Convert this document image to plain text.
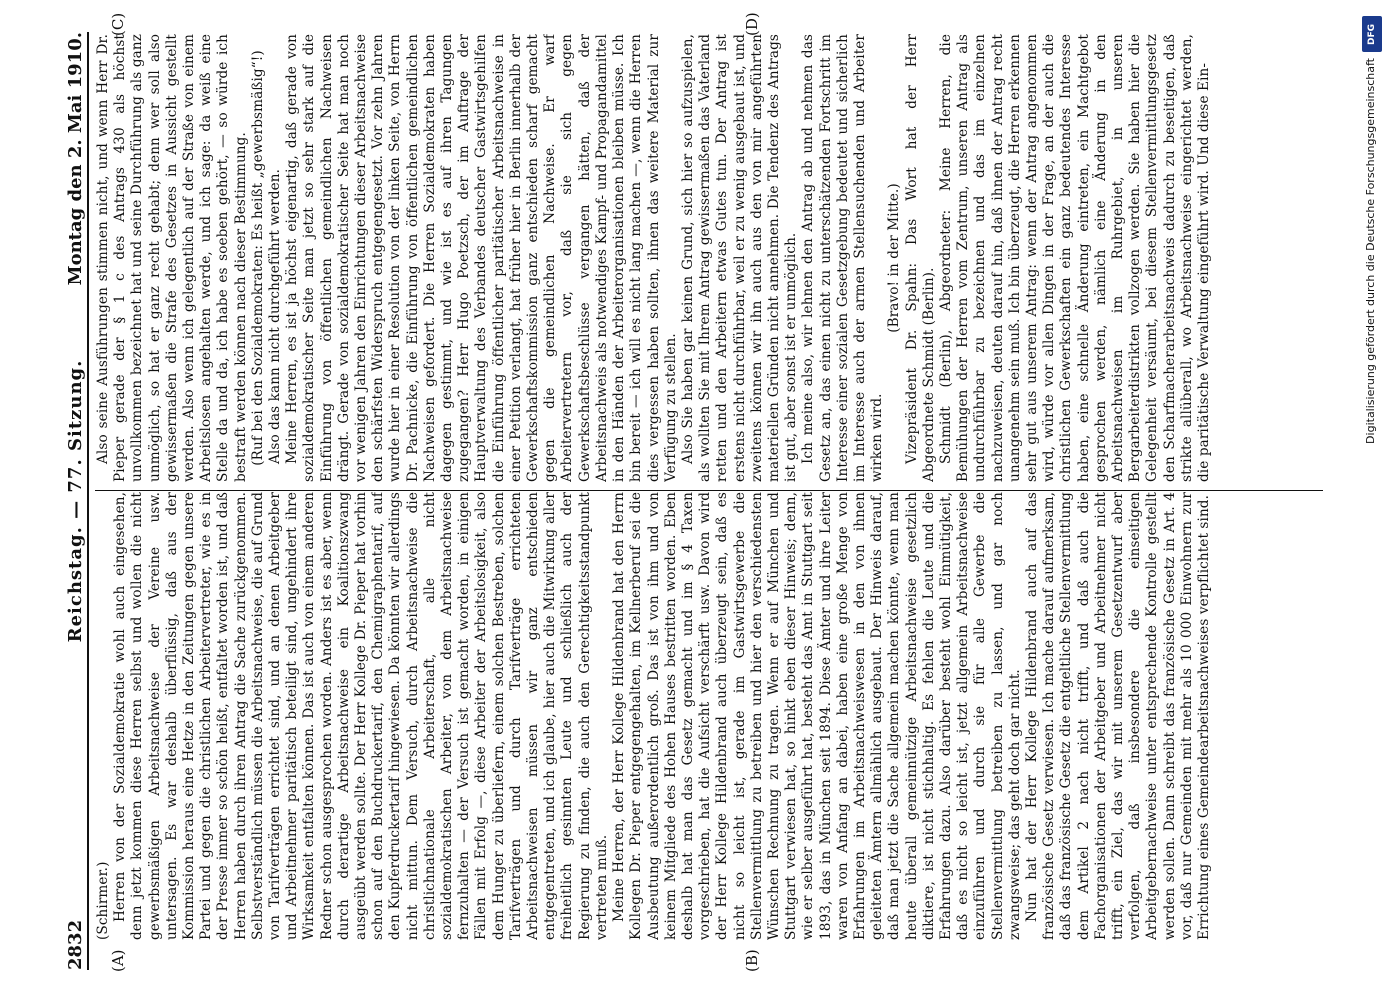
2832
Reichstag. — 77. Sitzung.
Montag den 2. Mai 1910.
(A)	(B)
(C)	(D)

(Schirmer.) Herren von der Sozialdemokratie wohl auch eingesehen, denn jetzt kommen diese Herren selbst und wollen die nicht gewerbsmäßigen Arbeitsnachweise der Vereine usw. untersagen. Es war deshalb überflüssig, daß aus der Kommission heraus eine Hetze in den Zeitungen gegen unsere Partei und gegen die christlichen Arbeitervertreter, wie es in der Presse immer so schön heißt, entfaltet worden ist, und daß Herren haben durch ihren Antrag die Sache zurückgenommen. Selbstverständlich müssen die Arbeitsnachweise, die auf Grund von Tarifverträgen errichtet sind, und an denen Arbeitgeber und Arbeitnehmer paritätisch beteiligt sind, ungehindert ihre Wirksamkeit entfalten können. Das ist auch von einem anderen Redner schon ausgesprochen worden. Anders ist es aber, wenn durch derartige Arbeitsnachweise ein Koalitionszwang ausgeübt werden sollte. Der Herr Kollege Dr. Pieper hat vorhin schon auf den Buchdruckertarif, den Chemigraphentarif, auf den Kupferdruckertarif hingewiesen. Da könnten wir allerdings nicht mittun. Dem Versuch, durch Arbeitsnachweise die christlichnationale Arbeiterschaft, alle nicht sozialdemokratischen Arbeiter, von dem Arbeitsnachweise fernzuhalten — der Versuch ist gemacht worden, in einigen Fällen mit Erfolg —, diese Arbeiter der Arbeitslosigkeit, also dem Hunger zu überliefern, einem solchen Bestreben, solchen Tarifverträgen und durch Tarifverträge errichteten Arbeitsnachweisen müssen wir ganz entschieden entgegentreten, und ich glaube, hier auch die Mitwirkung aller freiheitlich gesinnten Leute und schließlich auch der Regierung zu finden, die auch den Gerechtigkeitsstandpunkt vertreten muß. Meine Herren, der Herr Kollege Hildenbrand hat den Herrn Kollegen Dr. Pieper entgegengehalten, im Kellnerberuf sei die Ausbeutung außerordentlich groß. Das ist von ihm und von keinem Mitgliede des Hohen Hauses bestritten worden. Eben deshalb hat man das Gesetz gemacht und im § 4 Taxen vorgeschrieben, hat die Aufsicht verschärft usw. Davon wird der Herr Kollege Hildenbrand auch überzeugt sein, daß es nicht so leicht ist, gerade im Gastwirtsgewerbe die Stellenvermittlung zu betreiben und hier den verschiedensten Wünschen Rechnung zu tragen. Wenn er auf München und Stuttgart verwiesen hat, so hinkt eben dieser Hinweis; denn, wie er selber ausgeführt hat, besteht das Amt in Stuttgart seit 1893, das in München seit 1894. Diese Ämter und ihre Leiter waren von Anfang an dabei, haben eine große Menge von Erfahrungen im Arbeitsnachweiswesen in den von ihnen geleiteten Ämtern allmählich ausgebaut. Der Hinweis darauf, daß man jetzt die Sache allgemein machen könnte, wenn man heute überall gemeinnützige Arbeitsnachweise gesetzlich diktiere, ist nicht stichhaltig. Es fehlen die Leute und die Erfahrungen dazu. Also darüber besteht wohl Einmütigkeit, daß es nicht so leicht ist, jetzt allgemein Arbeitsnachweise einzuführen und durch sie für alle Gewerbe die Stellenvermittlung betreiben zu lassen, und gar noch zwangsweise; das geht doch gar nicht. Nun hat der Herr Kollege Hildenbrand auch auf das französische Gesetz verwiesen. Ich mache darauf aufmerksam, daß das französische Gesetz die entgeltliche Stellenvermittlung dem Artikel 2 nach nicht trifft, und daß auch die Fachorganisationen der Arbeitgeber und Arbeitnehmer nicht trifft, ein Ziel, das wir mit unserem Gesetzentwurf aber verfolgen, daß insbesondere die einseitigen Arbeitgebernachweise unter entsprechende Kontrolle gestellt werden sollen. Dann schreibt das französische Gesetz in Art. 4 vor, daß nur Gemeinden mit mehr als 10 000 Einwohnern zur Errichtung eines Gemeindearbeitsnachweises verpflichtet sind.

Also seine Ausführungen stimmen nicht, und wenn Herr Dr. Pieper gerade der § 1 c des Antrags 430 als höchst unvollkommen bezeichnet hat und seine Durchführung als ganz unmöglich, so hat er ganz recht gehabt; denn wer soll also gewissermaßen die Strafe des Gesetzes in Aussicht gestellt werden. Also wenn ich gelegentlich auf der Straße von einem Arbeitslosen angehalten werde, und ich sage: da weiß eine Stelle da und da, ich habe es soeben gehört, — so würde ich bestraft werden können nach dieser Bestimmung. (Ruf bei den Sozialdemokraten: Es heißt „gewerbsmäßig“!) Also das kann nicht durchgeführt werden. Meine Herren, es ist ja höchst eigenartig, daß gerade von sozialdemokratischer Seite man jetzt so sehr stark auf die Einführung von öffentlichen gemeindlichen Nachweisen drängt. Gerade von sozialdemokratischer Seite hat man noch vor wenigen Jahren den Einrichtungen dieser Arbeitsnachweise den schärfsten Widerspruch entgegengesetzt. Vor zehn Jahren wurde hier in einer Resolution von der linken Seite, von Herrn Dr. Pachnicke, die Einführung von öffentlichen gemeindlichen Nachweisen gefordert. Die Herren Sozialdemokraten haben dagegen gestimmt, und wie ist es auf ihren Tagungen zugegangen? Herr Hugo Poetzsch, der im Auftrage der Hauptverwaltung des Verbandes deutscher Gastwirtsgehilfen die Einführung öffentlicher paritätischer Arbeitsnachweise in einer Petition verlangt, hat früher hier in Berlin innerhalb der Gewerkschaftskommission ganz entschieden scharf gemacht gegen die gemeindlichen Nachweise. Er warf Arbeitervertretern vor, daß sie sich gegen Gewerkschaftsbeschlüsse vergangen hätten, daß der Arbeitsnachweis als notwendiges Kampf- und Propagandamittel in den Händen der Arbeiterorganisationen bleiben müsse. Ich bin bereit — ich will es nicht lang machen —, wenn die Herren dies vergessen haben sollten, ihnen das weitere Material zur Verfügung zu stellen. Also Sie haben gar keinen Grund, sich hier so aufzuspielen, als wollten Sie mit Ihrem Antrag gewissermaßen das Vaterland retten und den Arbeitern etwas Gutes tun. Der Antrag ist erstens nicht durchführbar, weil er zu wenig ausgebaut ist, und zweitens können wir ihn auch aus den von mir angeführten materiellen Gründen nicht annehmen. Die Tendenz des Antrags ist gut, aber sonst ist er unmöglich. Ich meine also, wir lehnen den Antrag ab und nehmen das Gesetz an, das einen nicht zu unterschätzenden Fortschritt im Interesse einer sozialen Gesetzgebung bedeutet und sicherlich im Interesse auch der armen Stellensuchenden und Arbeiter wirken wird.

(Bravo! in der Mitte.) Vizepräsident Dr. Spahn: Das Wort hat der Herr Abgeordnete Schmidt (Berlin). Schmidt (Berlin), Abgeordneter: Meine Herren, die Bemühungen der Herren vom Zentrum, unseren Antrag als undurchführbar zu bezeichnen und das im einzelnen nachzuweisen, deuten darauf hin, daß ihnen der Antrag recht unangenehm sein muß. Ich bin überzeugt, die Herren erkennen sehr gut aus unserem Antrag: wenn der Antrag angenommen wird, würde vor allen Dingen in der Frage, an der auch die christlichen Gewerkschaften ein ganz bedeutendes Interesse haben, eine schnelle Änderung eintreten, ein Machtgebot gesprochen werden, nämlich eine Änderung in den Arbeitsnachweisen im Ruhrgebiet, in unseren Bergarbeiterdistrikten vollzogen werden. Sie haben hier die Gelegenheit versäumt, bei diesem Stellenvermittlungsgesetz den Scharfmacherarbeitsnachweis dadurch zu beseitigen, daß strikte allüberall, wo Arbeitsnachweise eingerichtet werden, die paritätische Verwaltung eingeführt wird. Und diese Ein-

DFG
Digitalisierung gefördert durch die Deutsche Forschungsgemeinschaft
